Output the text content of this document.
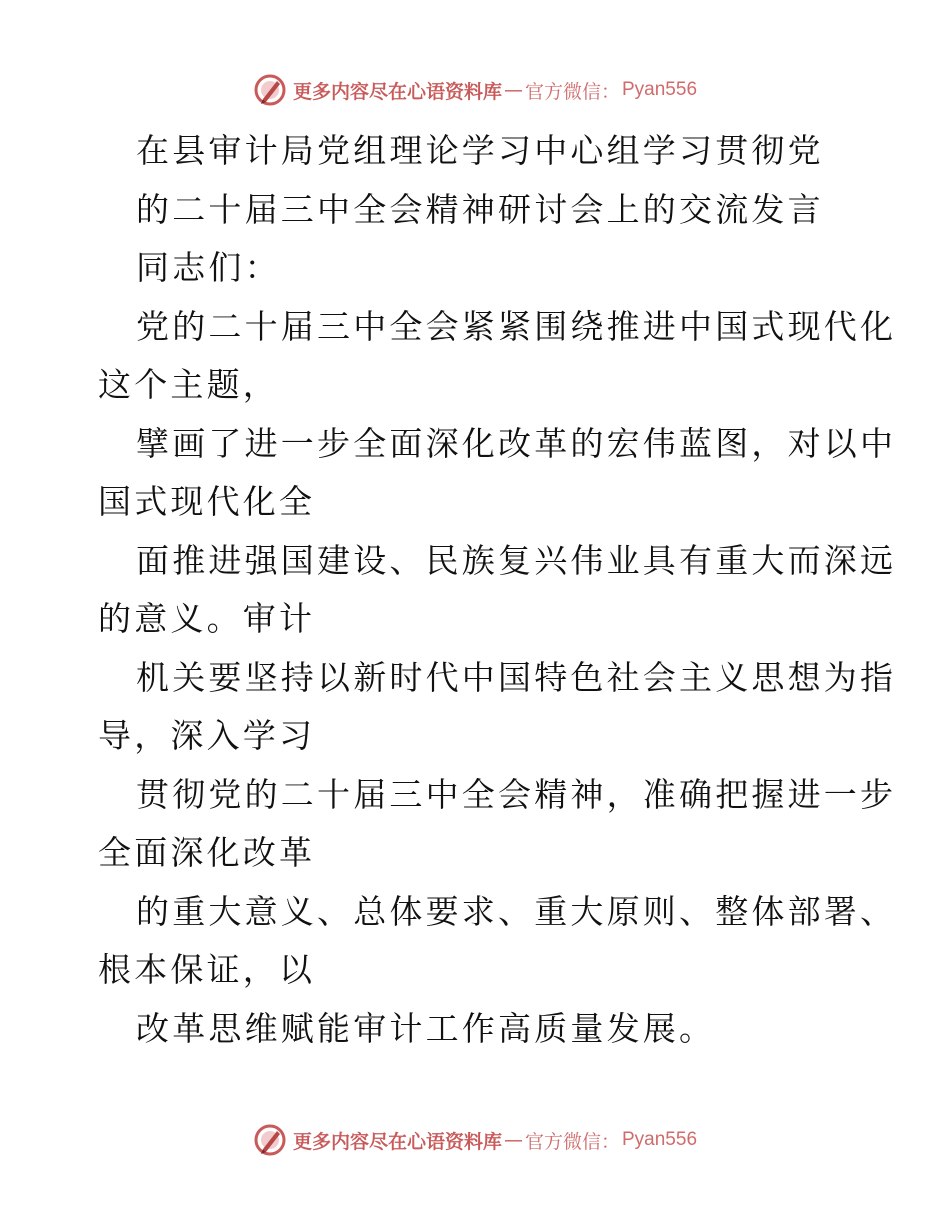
更多内容尽在心语资料库 — 官方微信： Pyan556
在县审计局党组理论学习中心组学习贯彻党
的二十届三中全会精神研讨会上的交流发言
同志们：
党的二十届三中全会紧紧围绕推进中国式现代化
这个主题，
擘画了进一步全面深化改革的宏伟蓝图，对以中
国式现代化全
面推进强国建设、民族复兴伟业具有重大而深远
的意义。审计
机关要坚持以新时代中国特色社会主义思想为指
导，深入学习
贯彻党的二十届三中全会精神，准确把握进一步
全面深化改革
的重大意义、总体要求、重大原则、整体部署、
根本保证，以
改革思维赋能审计工作高质量发展。
更多内容尽在心语资料库 — 官方微信： Pyan556
